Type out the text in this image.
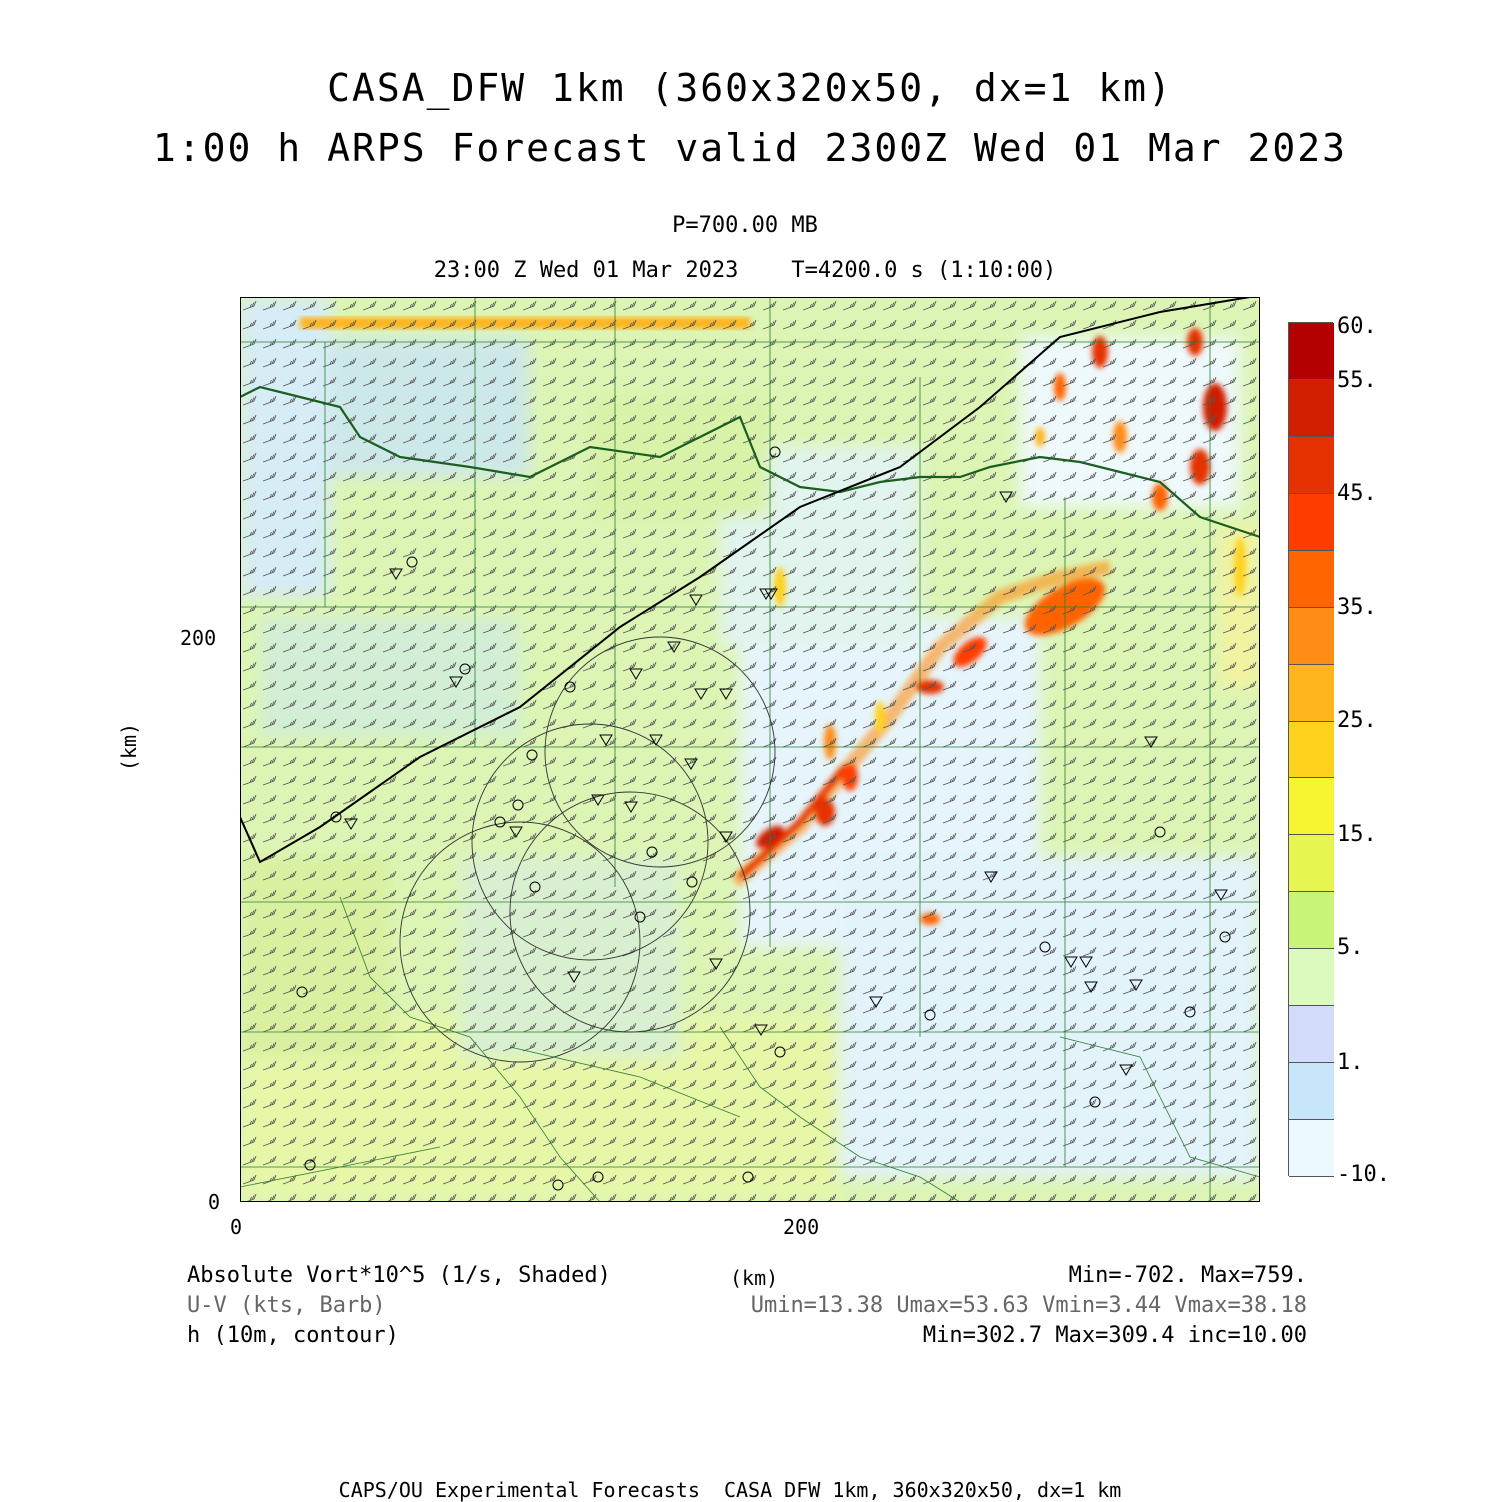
CASA_DFW 1km (360x320x50, dx=1 km)
1:00 h ARPS Forecast valid 2300Z Wed 01 Mar 2023
P=700.00 MB
23:00 Z Wed 01 Mar 2023    T=4200.0 s (1:10:00)
60.
55.
45.
35.
25.
15.
5.
1.
-10.
0
200
0	200
(km)
(km)
Absolute Vort*10^5 (1/s, Shaded)
U-V (kts, Barb)
h (10m, contour)
Min=-702. Max=759.
Umin=13.38 Umax=53.63 Vmin=3.44 Vmax=38.18
Min=302.7 Max=309.4 inc=10.00
CAPS/OU Experimental Forecasts  CASA DFW 1km, 360x320x50, dx=1 km
